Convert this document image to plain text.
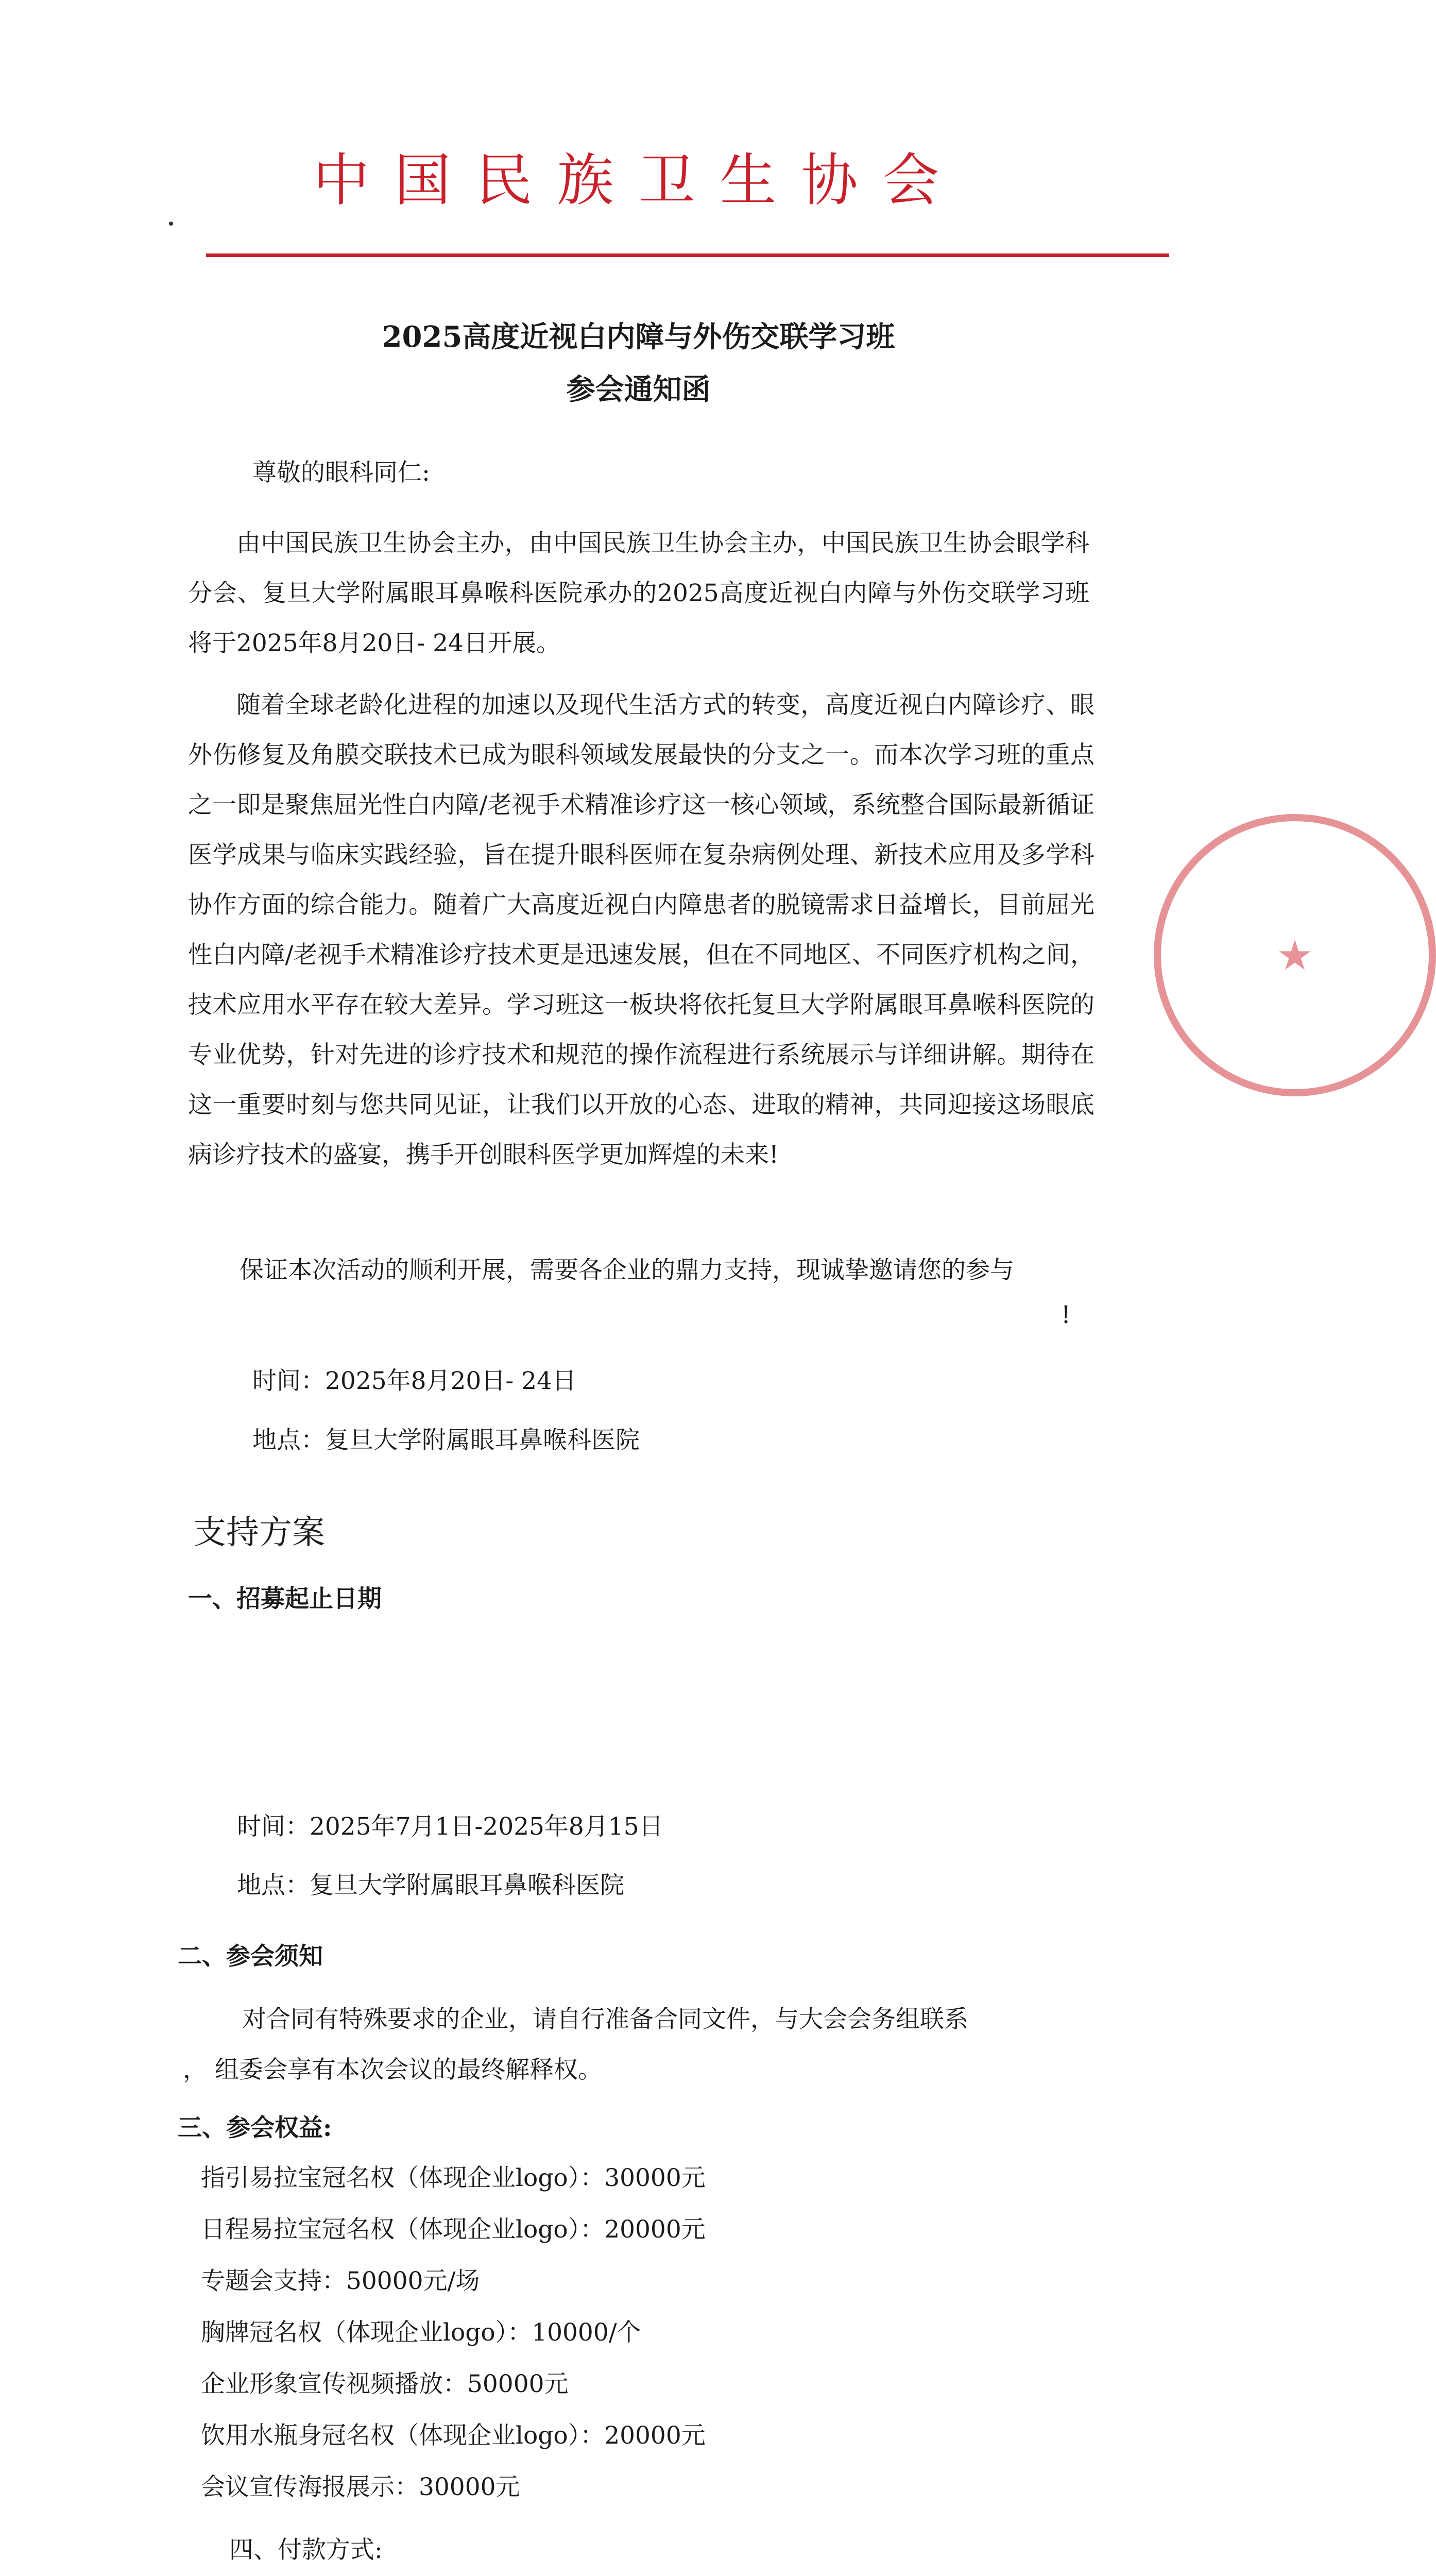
中国民族卫生协会
2025高度近视白内障与外伤交联学习班
参会通知函
尊敬的眼科同仁:
由中国民族卫生协会主办，由中国民族卫生协会主办，中国民族卫生协会眼学科分会、复旦大学附属眼耳鼻喉科医院承办的2025高度近视白内障与外伤交联学习班将于2025年8月20日- 24日开展。
随着全球老龄化进程的加速以及现代生活方式的转变，高度近视白内障诊疗、眼外伤修复及角膜交联技术已成为眼科领域发展最快的分支之一。而本次学习班的重点之一即是聚焦屈光性白内障/老视手术精准诊疗这一核心领域，系统整合国际最新循证医学成果与临床实践经验，旨在提升眼科医师在复杂病例处理、新技术应用及多学科协作方面的综合能力。随着广大高度近视白内障患者的脱镜需求日益增长，目前屈光性白内障/老视手术精准诊疗技术更是迅速发展，但在不同地区、不同医疗机构之间，技术应用水平存在较大差异。学习班这一板块将依托复旦大学附属眼耳鼻喉科医院的专业优势，针对先进的诊疗技术和规范的操作流程进行系统展示与详细讲解。期待在这一重要时刻与您共同见证，让我们以开放的心态、进取的精神，共同迎接这场眼底病诊疗技术的盛宴，携手开创眼科医学更加辉煌的未来!
保证本次活动的顺利开展，需要各企业的鼎力支持，现诚挚邀请您的参与
!
时间：2025年8月20日- 24日
地点：复旦大学附属眼耳鼻喉科医院
支持方案
一、招募起止日期
时间：2025年7月1日-2025年8月15日
地点：复旦大学附属眼耳鼻喉科医院
二、参会须知
对合同有特殊要求的企业，请自行准备合同文件，与大会会务组联系
， 组委会享有本次会议的最终解释权。
三、参会权益:
指引易拉宝冠名权（体现企业logo）：30000元
日程易拉宝冠名权（体现企业logo）：20000元
专题会支持：50000元/场
胸牌冠名权（体现企业logo）：10000/个
企业形象宣传视频播放：50000元
饮用水瓶身冠名权（体现企业logo）：20000元
会议宣传海报展示：30000元
四、付款方式:
★
